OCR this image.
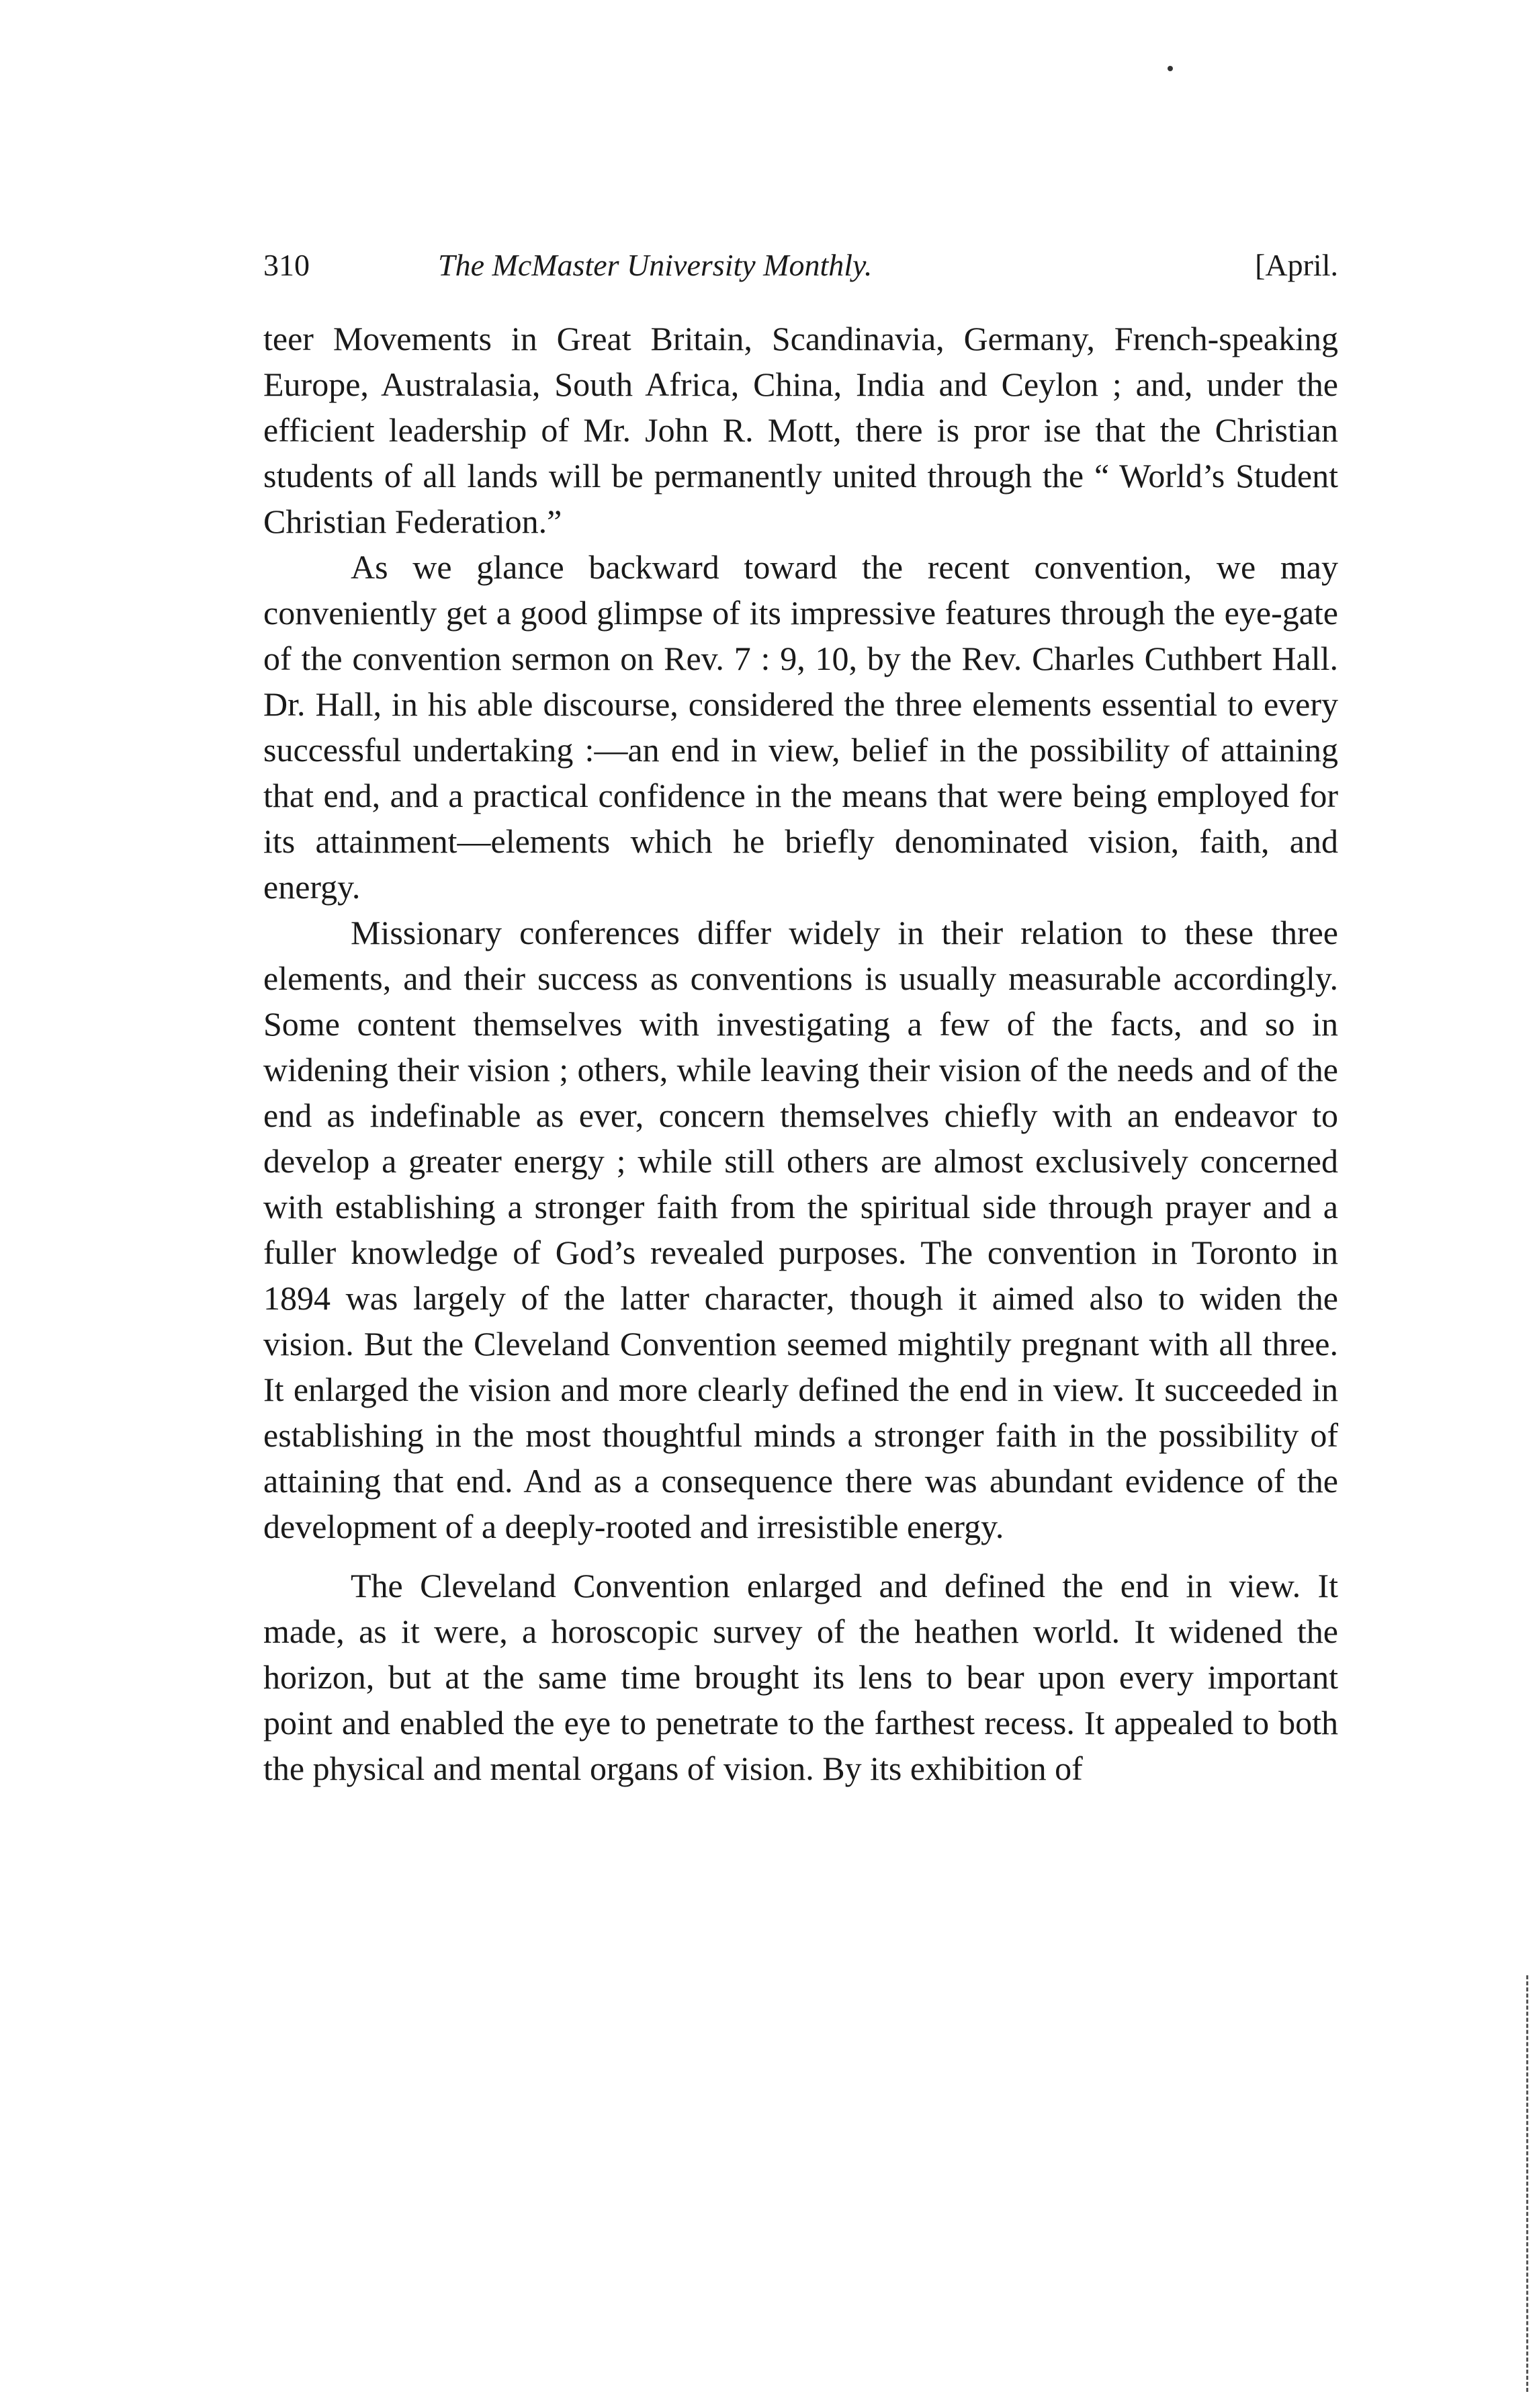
310	The McMaster University Monthly.	[April.

teer Movements in Great Britain, Scandinavia, Germany, French-speaking Europe, Australasia, South Africa, China, India and Ceylon ; and, under the efficient leadership of Mr. John R. Mott, there is pror ise that the Christian students of all lands will be permanently united through the “ World’s Student Christian Federation.”

As we glance backward toward the recent convention, we may conveniently get a good glimpse of its impressive features through the eye-gate of the convention sermon on Rev. 7 : 9, 10, by the Rev. Charles Cuthbert Hall. Dr. Hall, in his able discourse, considered the three elements essential to every successful undertaking :—an end in view, belief in the possibility of attaining that end, and a practical confidence in the means that were being employed for its attainment—elements which he briefly denominated vision, faith, and energy.

Missionary conferences differ widely in their relation to these three elements, and their success as conventions is usually measurable accordingly. Some content themselves with investigating a few of the facts, and so in widening their vision ; others, while leaving their vision of the needs and of the end as indefinable as ever, concern themselves chiefly with an endeavor to develop a greater energy ; while still others are almost exclusively concerned with establishing a stronger faith from the spiritual side through prayer and a fuller knowledge of God’s revealed purposes. The convention in Toronto in 1894 was largely of the latter character, though it aimed also to widen the vision. But the Cleveland Convention seemed mightily pregnant with all three. It enlarged the vision and more clearly defined the end in view. It succeeded in establishing in the most thoughtful minds a stronger faith in the possibility of attaining that end. And as a consequence there was abundant evidence of the development of a deeply-rooted and irresistible energy.

The Cleveland Convention enlarged and defined the end in view. It made, as it were, a horoscopic survey of the heathen world. It widened the horizon, but at the same time brought its lens to bear upon every important point and enabled the eye to penetrate to the farthest recess. It appealed to both the physical and mental organs of vision. By its exhibition of
